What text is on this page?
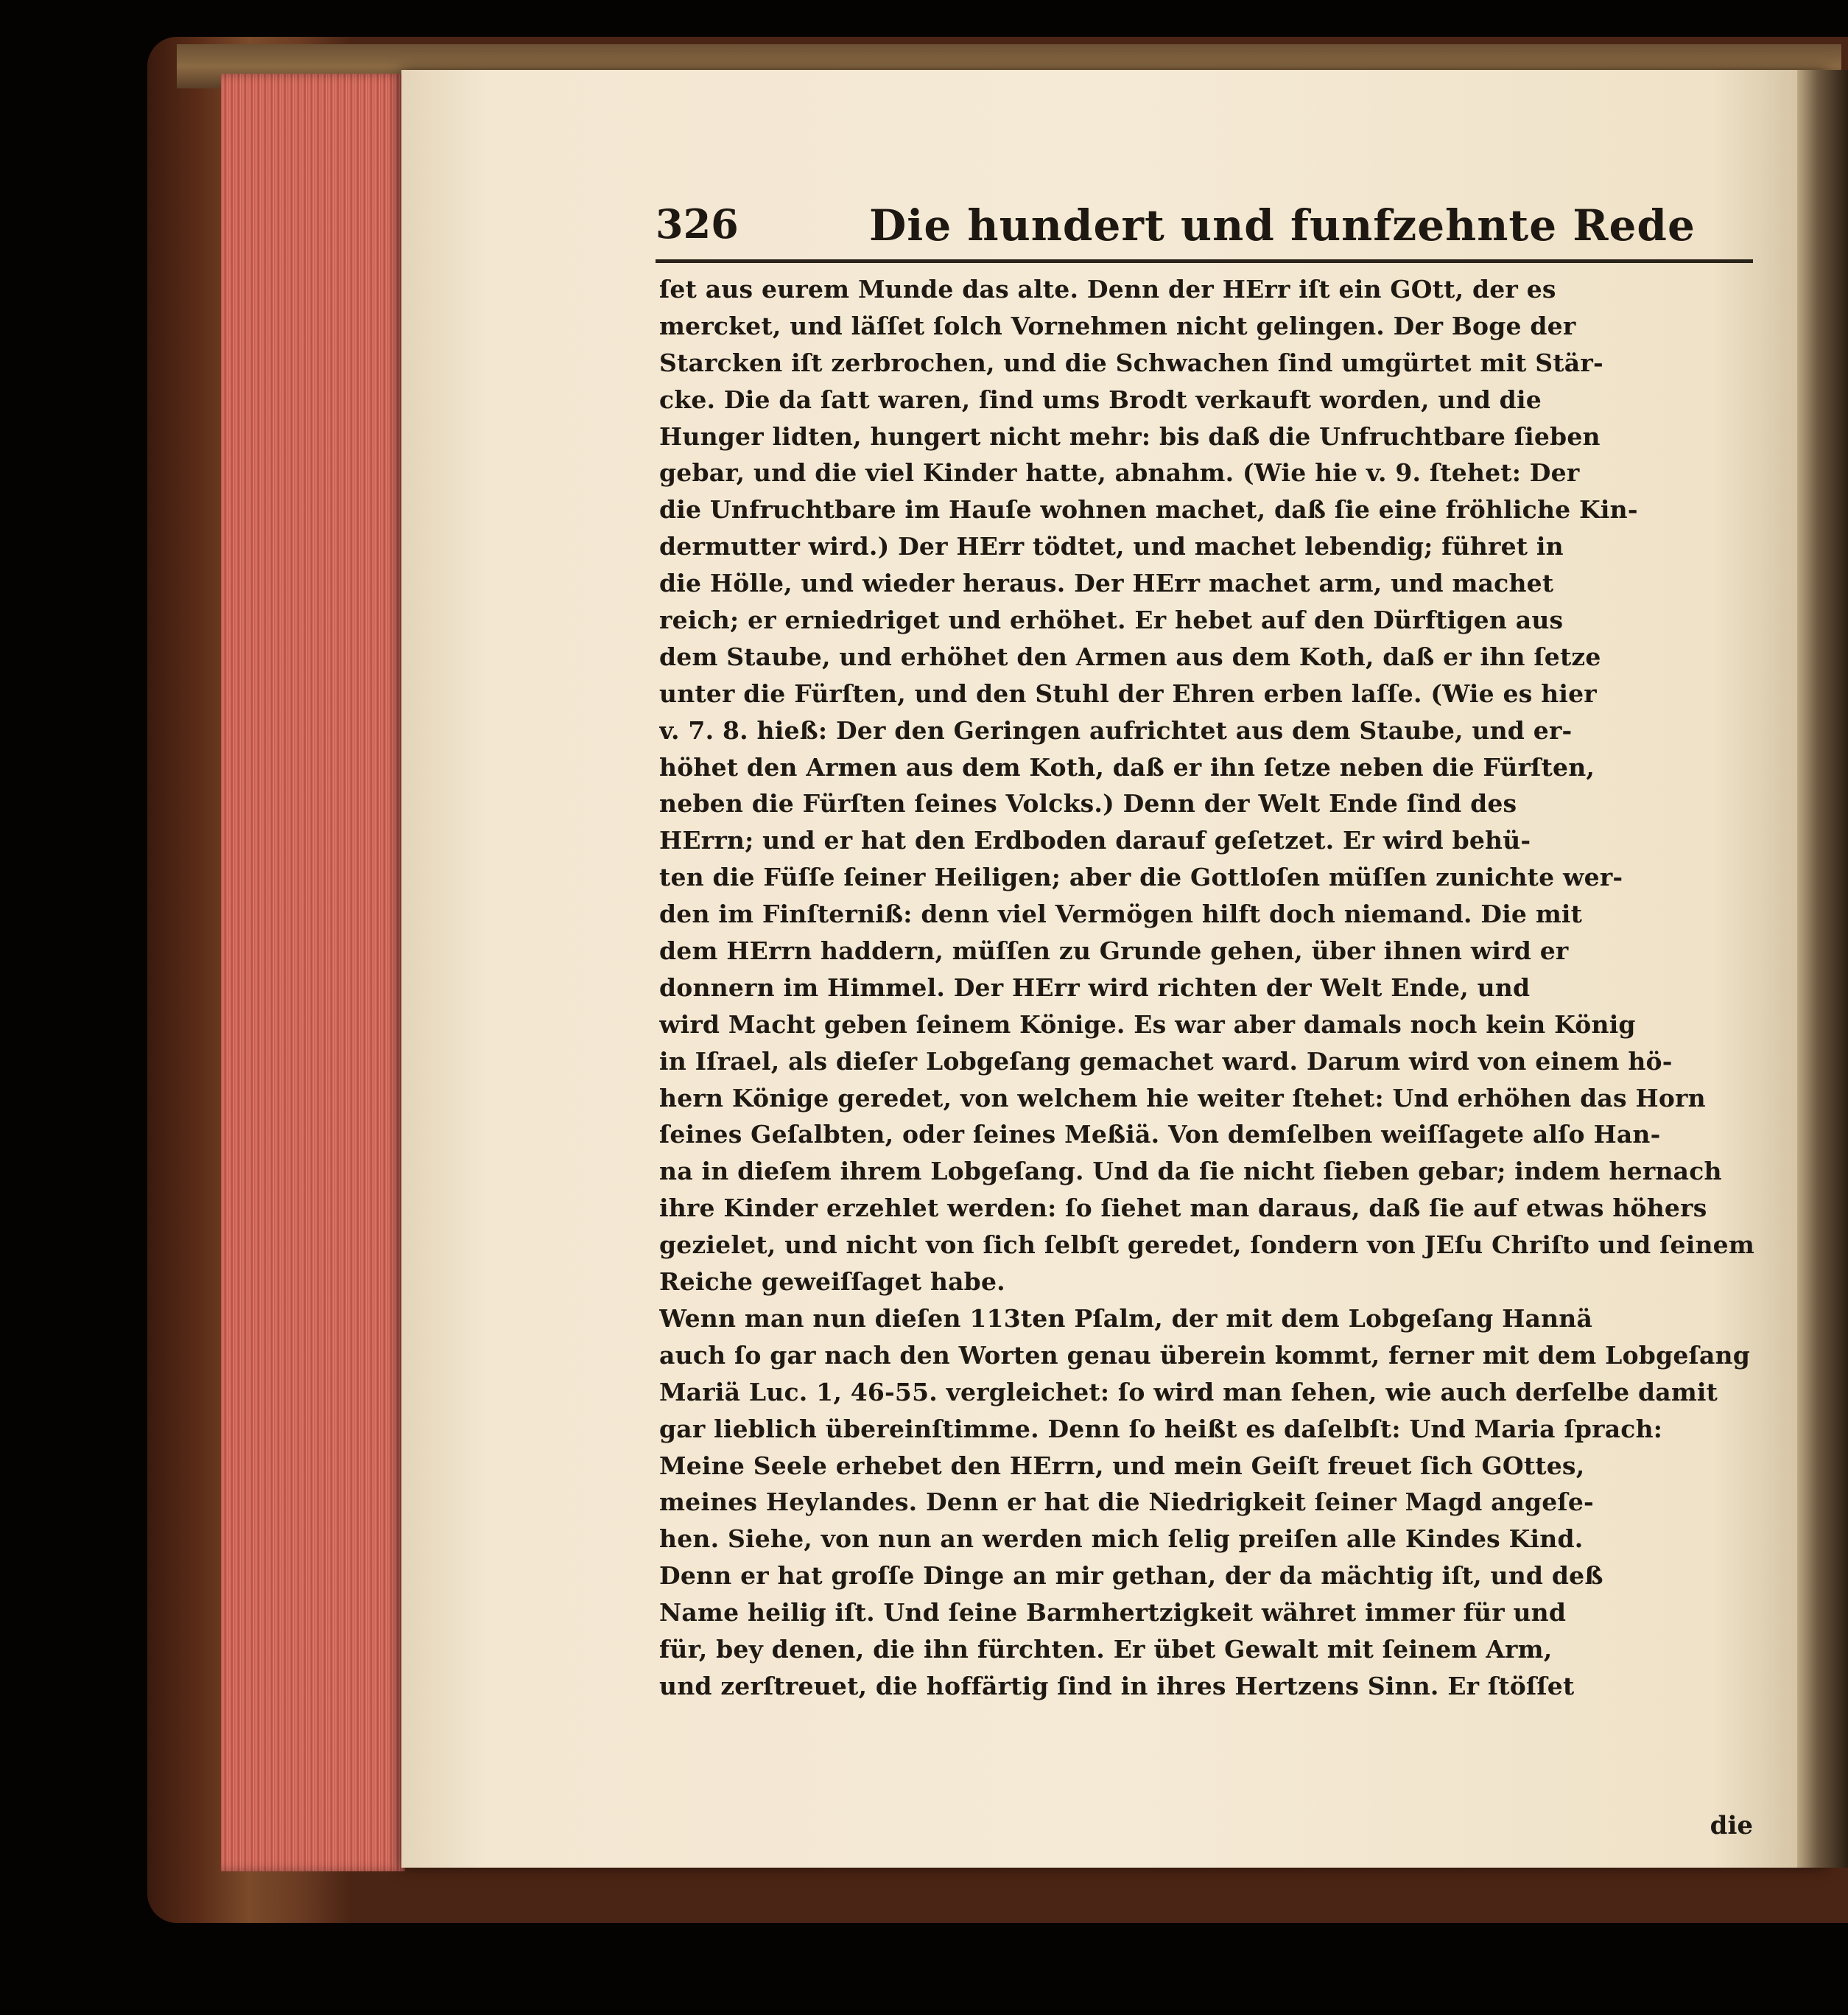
326	Die hundert und funfzehnte Rede
ſet aus eurem Munde das alte. Denn der HErr iſt ein GOtt, der es
mercket, und läſſet ſolch Vornehmen nicht gelingen. Der Boge der
Starcken iſt zerbrochen, und die Schwachen ſind umgürtet mit Stär-
cke. Die da ſatt waren, ſind ums Brodt verkauft worden, und die
Hunger lidten, hungert nicht mehr: bis daß die Unfruchtbare ſieben
gebar, und die viel Kinder hatte, abnahm. (Wie hie v. 9. ſtehet: Der
die Unfruchtbare im Hauſe wohnen machet, daß ſie eine fröhliche Kin-
dermutter wird.) Der HErr tödtet, und machet lebendig; führet in
die Hölle, und wieder heraus. Der HErr machet arm, und machet
reich; er erniedriget und erhöhet. Er hebet auf den Dürftigen aus
dem Staube, und erhöhet den Armen aus dem Koth, daß er ihn ſetze
unter die Fürſten, und den Stuhl der Ehren erben laſſe. (Wie es hier
v. 7. 8. hieß: Der den Geringen aufrichtet aus dem Staube, und er-
höhet den Armen aus dem Koth, daß er ihn ſetze neben die Fürſten,
neben die Fürſten ſeines Volcks.) Denn der Welt Ende ſind des
HErrn; und er hat den Erdboden darauf geſetzet. Er wird behü-
ten die Füſſe ſeiner Heiligen; aber die Gottloſen müſſen zunichte wer-
den im Finſterniß: denn viel Vermögen hilft doch niemand. Die mit
dem HErrn haddern, müſſen zu Grunde gehen, über ihnen wird er
donnern im Himmel. Der HErr wird richten der Welt Ende, und
wird Macht geben ſeinem Könige. Es war aber damals noch kein König
in Iſrael, als dieſer Lobgeſang gemachet ward. Darum wird von einem hö-
hern Könige geredet, von welchem hie weiter ſtehet: Und erhöhen das Horn
ſeines Geſalbten, oder ſeines Meßiä. Von demſelben weiſſagete alſo Han-
na in dieſem ihrem Lobgeſang. Und da ſie nicht ſieben gebar; indem hernach
ihre Kinder erzehlet werden: ſo ſiehet man daraus, daß ſie auf etwas höhers
gezielet, und nicht von ſich ſelbſt geredet, ſondern von JEſu Chriſto und ſeinem
Reiche geweiſſaget habe.
Wenn man nun dieſen 113ten Pſalm, der mit dem Lobgeſang Hannä
auch ſo gar nach den Worten genau überein kommt, ferner mit dem Lobgeſang
Mariä Luc. 1, 46-55. vergleichet: ſo wird man ſehen, wie auch derſelbe damit
gar lieblich übereinſtimme. Denn ſo heißt es daſelbſt: Und Maria ſprach:
Meine Seele erhebet den HErrn, und mein Geiſt freuet ſich GOttes,
meines Heylandes. Denn er hat die Niedrigkeit ſeiner Magd angeſe-
hen. Siehe, von nun an werden mich ſelig preiſen alle Kindes Kind.
Denn er hat groſſe Dinge an mir gethan, der da mächtig iſt, und deß
Name heilig iſt. Und ſeine Barmhertzigkeit währet immer für und
für, bey denen, die ihn fürchten. Er übet Gewalt mit ſeinem Arm,
und zerſtreuet, die hoffärtig ſind in ihres Hertzens Sinn. Er ſtöſſet
die
